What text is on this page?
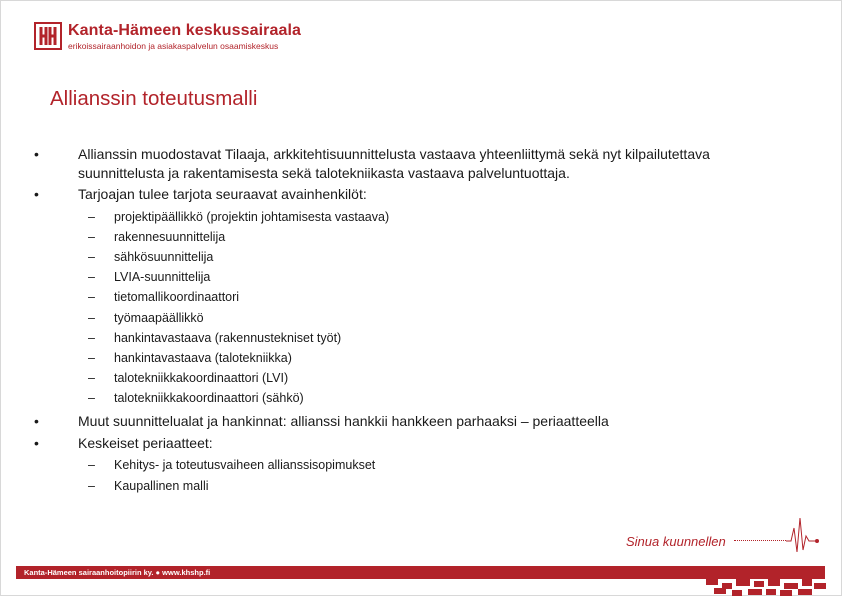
Kanta-Hämeen keskussairaala
erikoissairaanhoidon ja asiakaspalvelun osaamiskeskus
Allianssin toteutusmalli
•	Allianssin muodostavat Tilaaja, arkkitehtisuunnittelusta vastaava yhteenliittymä sekä nyt kilpailutettava suunnittelusta ja rakentamisesta sekä talotekniikasta vastaava palveluntuottaja.
•	Tarjoajan tulee tarjota seuraavat avainhenkilöt:
– projektipäällikkö (projektin johtamisesta vastaava)
– rakennesuunnittelija
– sähkösuunnittelija
– LVIA-suunnittelija
– tietomallikoordinaattori
– työmaapäällikkö
– hankintavastaava (rakennustekniset työt)
– hankintavastaava (talotekniikka)
– talotekniikkakoordinaattori (LVI)
– talotekniikkakoordinaattori (sähkö)
•	Muut suunnittelualat ja hankinnat: allianssi hankkii hankkeen parhaaksi – periaatteella
•	Keskeiset periaatteet:
– Kehitys- ja toteutusvaiheen allianssisopimukset
– Kaupallinen malli
Sinua kuunnellen
Kanta-Hämeen sairaanhoitopiirin ky. ● www.khshp.fi
